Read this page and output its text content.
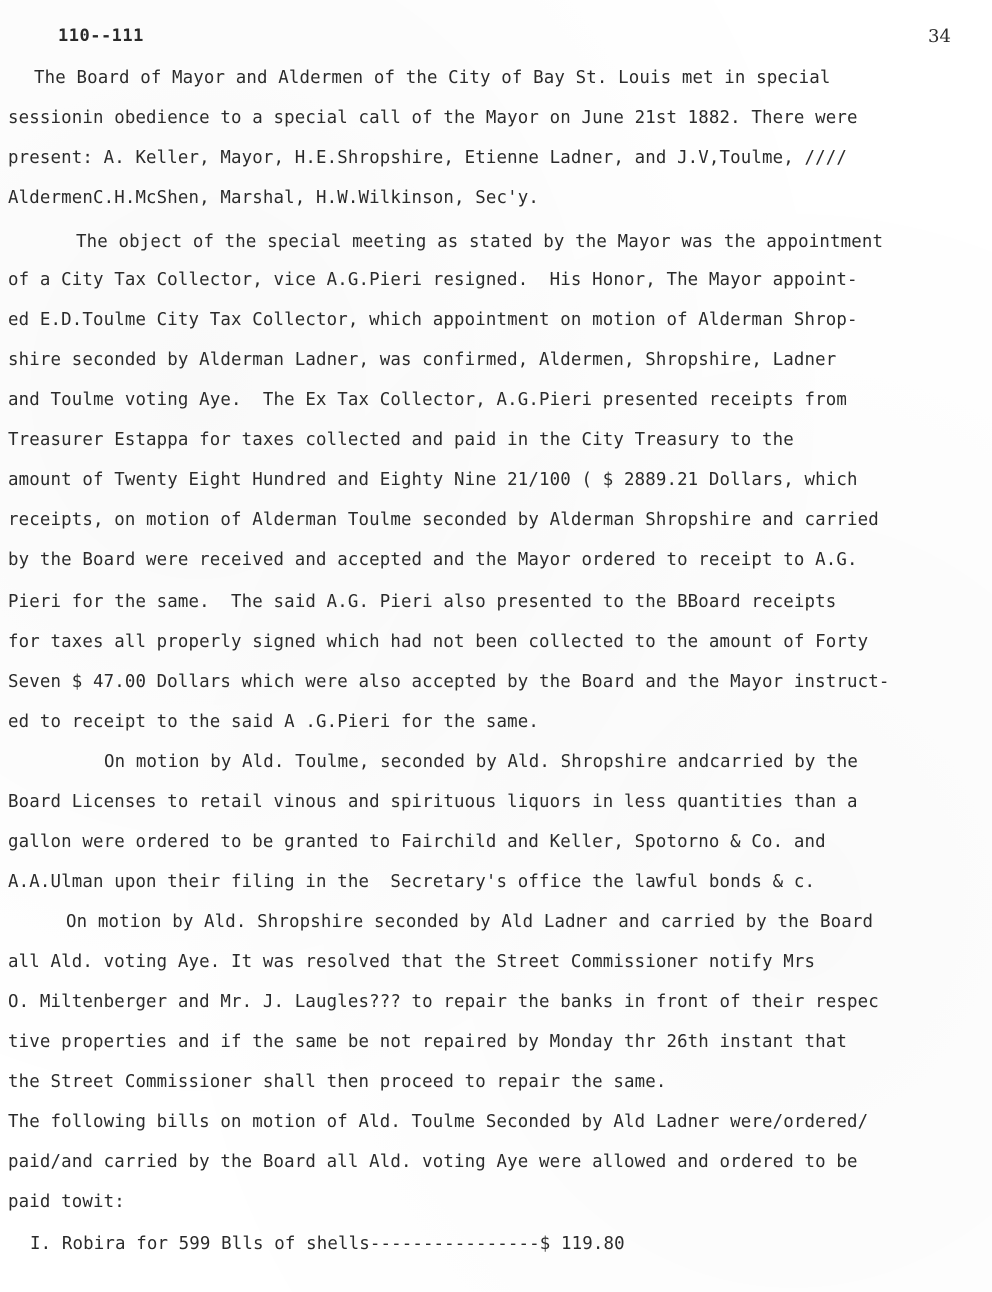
110--111	34
The Board of Mayor and Aldermen of the City of Bay St. Louis met in special
sessionin obedience to a special call of the Mayor on June 21st 1882. There were
present: A. Keller, Mayor, H.E.Shropshire, Etienne Ladner, and J.V,Toulme, ////
AldermenC.H.McShen, Marshal, H.W.Wilkinson, Sec'y.
The object of the special meeting as stated by the Mayor was the appointment
of a City Tax Collector, vice A.G.Pieri resigned.  His Honor, The Mayor appoint-
ed E.D.Toulme City Tax Collector, which appointment on motion of Alderman Shrop-
shire seconded by Alderman Ladner, was confirmed, Aldermen, Shropshire, Ladner
and Toulme voting Aye.  The Ex Tax Collector, A.G.Pieri presented receipts from
Treasurer Estappa for taxes collected and paid in the City Treasury to the
amount of Twenty Eight Hundred and Eighty Nine 21/100 ( $ 2889.21 Dollars, which
receipts, on motion of Alderman Toulme seconded by Alderman Shropshire and carried
by the Board were received and accepted and the Mayor ordered to receipt to A.G.
Pieri for the same.  The said A.G. Pieri also presented to the BBoard receipts
for taxes all properly signed which had not been collected to the amount of Forty
Seven $ 47.00 Dollars which were also accepted by the Board and the Mayor instruct-
ed to receipt to the said A .G.Pieri for the same.
On motion by Ald. Toulme, seconded by Ald. Shropshire andcarried by the
Board Licenses to retail vinous and spirituous liquors in less quantities than a
gallon were ordered to be granted to Fairchild and Keller, Spotorno & Co. and
A.A.Ulman upon their filing in the  Secretary's office the lawful bonds & c.
On motion by Ald. Shropshire seconded by Ald Ladner and carried by the Board
all Ald. voting Aye. It was resolved that the Street Commissioner notify Mrs
O. Miltenberger and Mr. J. Laugles??? to repair the banks in front of their respec
tive properties and if the same be not repaired by Monday thr 26th instant that
the Street Commissioner shall then proceed to repair the same.
The following bills on motion of Ald. Toulme Seconded by Ald Ladner were/ordered/
paid/and carried by the Board all Ald. voting Aye were allowed and ordered to be
paid towit:
I. Robira for 599 Blls of shells----------------$ 119.80
